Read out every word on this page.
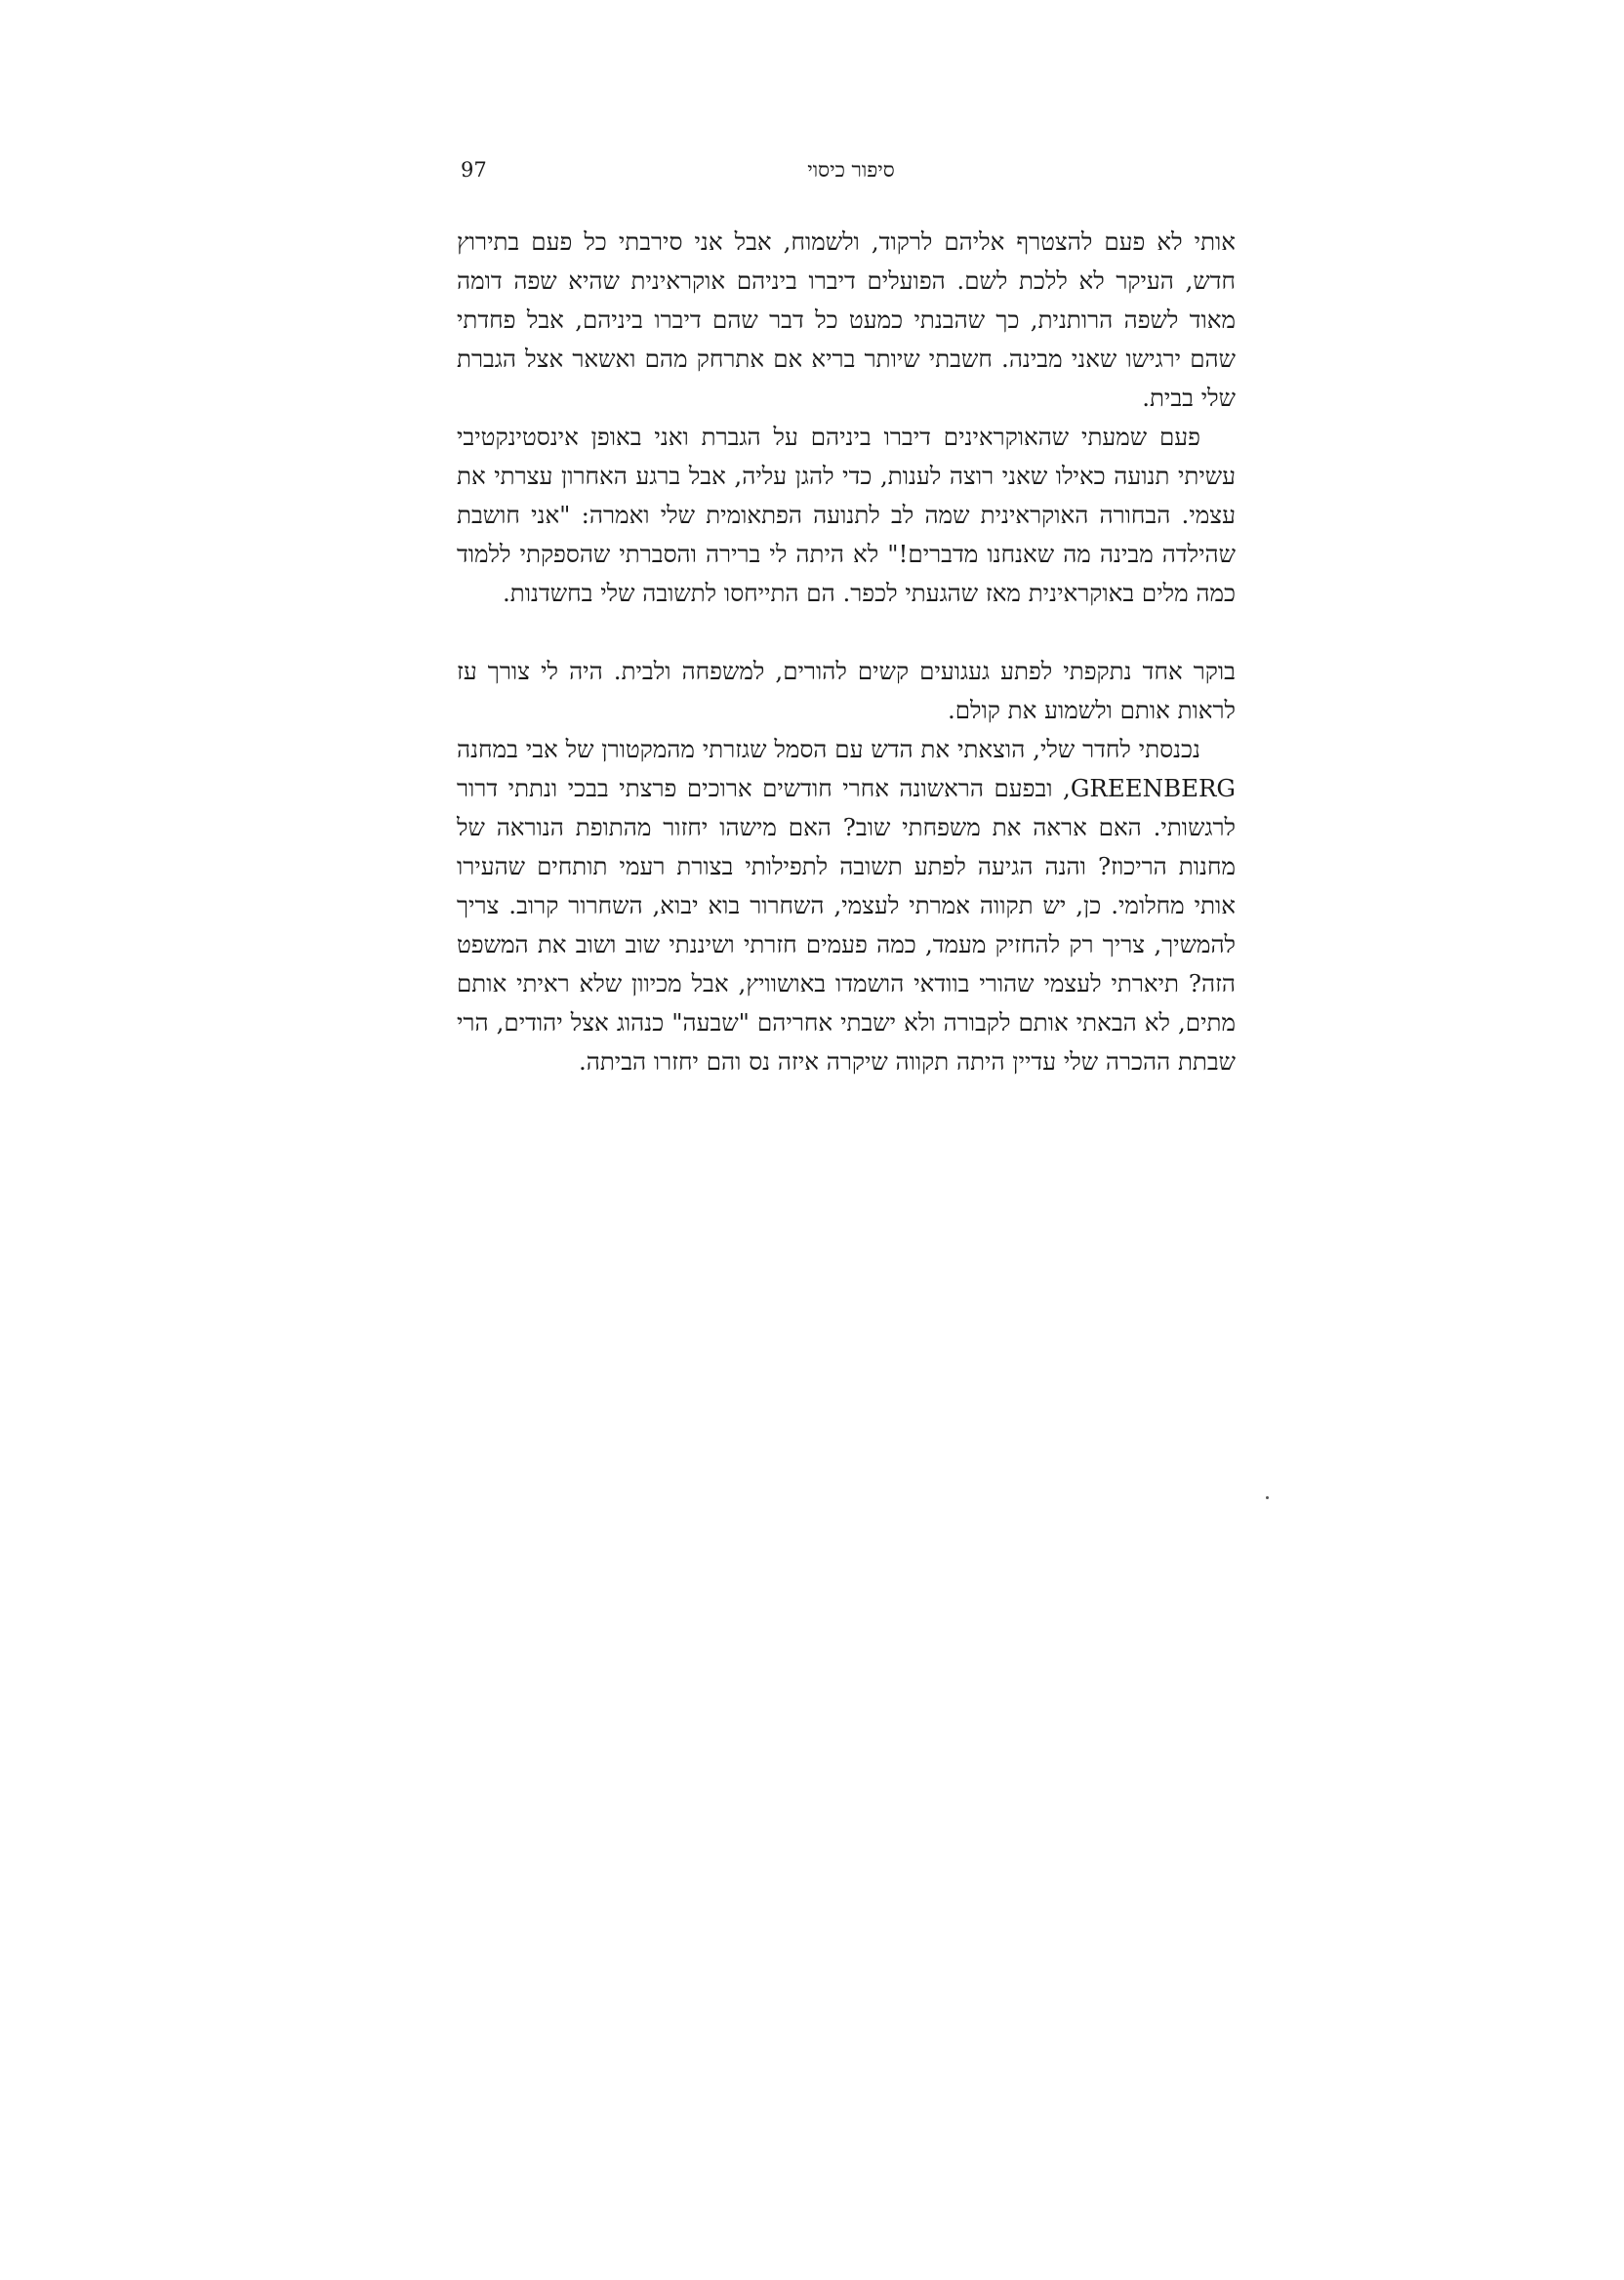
97	סיפור כיסוי

אותי לא פעם להצטרף אליהם לרקוד, ולשמוח, אבל אני סירבתי כל פעם בתירוץ חדש, העיקר לא ללכת לשם. הפועלים דיברו ביניהם אוקראינית שהיא שפה דומה מאוד לשפה הרותנית, כך שהבנתי כמעט כל דבר שהם דיברו ביניהם, אבל פחדתי שהם ירגישו שאני מבינה. חשבתי שיותר בריא אם אתרחק מהם ואשאר אצל הגברת שלי בבית.

פעם שמעתי שהאוקראינים דיברו ביניהם על הגברת ואני באופן אינסטינקטיבי עשיתי תנועה כאילו שאני רוצה לענות, כדי להגן עליה, אבל ברגע האחרון עצרתי את עצמי. הבחורה האוקראינית שמה לב לתנועה הפתאומית שלי ואמרה: "אני חושבת שהילדה מבינה מה שאנחנו מדברים!" לא היתה לי ברירה והסברתי שהספקתי ללמוד כמה מלים באוקראינית מאז שהגעתי לכפר. הם התייחסו לתשובה שלי בחשדנות.

בוקר אחד נתקפתי לפתע געגועים קשים להורים, למשפחה ולבית. היה לי צורך עז לראות אותם ולשמוע את קולם.

נכנסתי לחדר שלי, הוצאתי את הדש עם הסמל שגזרתי מהמקטורן של אבי במחנה GREENBERG, ובפעם הראשונה אחרי חודשים ארוכים פרצתי בבכי ונתתי דרור לרגשותי. האם אראה את משפחתי שוב? האם מישהו יחזור מהתופת הנוראה של מחנות הריכוז? והנה הגיעה לפתע תשובה לתפילותי בצורת רעמי תותחים שהעירו אותי מחלומי. כן, יש תקווה אמרתי לעצמי, השחרור בוא יבוא, השחרור קרוב. צריך להמשיך, צריך רק להחזיק מעמד, כמה פעמים חזרתי ושיננתי שוב ושוב את המשפט הזה? תיארתי לעצמי שהורי בוודאי הושמדו באושוויץ, אבל מכיוון שלא ראיתי אותם מתים, לא הבאתי אותם לקבורה ולא ישבתי אחריהם "שבעה" כנהוג אצל יהודים, הרי שבתת ההכרה שלי עדיין היתה תקווה שיקרה איזה נס והם יחזרו הביתה.
